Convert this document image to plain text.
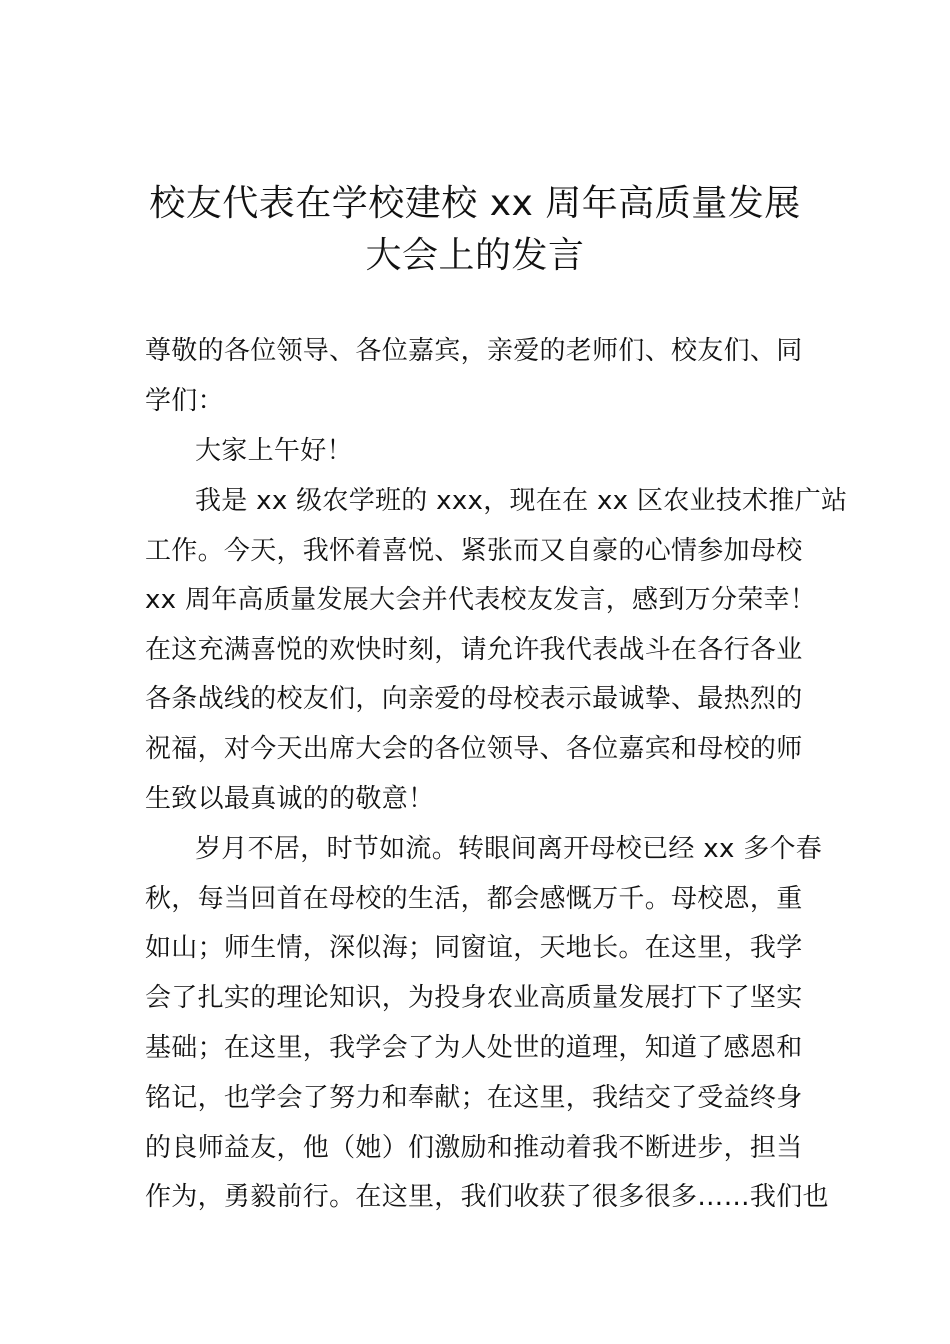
校友代表在学校建校 xx 周年高质量发展大会上的发言
尊敬的各位领导、各位嘉宾，亲爱的老师们、校友们、同
学们：
大家上午好！
我是 xx 级农学班的 xxx，现在在 xx 区农业技术推广站
工作。今天，我怀着喜悦、紧张而又自豪的心情参加母校
xx 周年高质量发展大会并代表校友发言，感到万分荣幸！
在这充满喜悦的欢快时刻，请允许我代表战斗在各行各业
各条战线的校友们，向亲爱的母校表示最诚挚、最热烈的
祝福，对今天出席大会的各位领导、各位嘉宾和母校的师
生致以最真诚的的敬意！
岁月不居，时节如流。转眼间离开母校已经 xx 多个春
秋，每当回首在母校的生活，都会感慨万千。母校恩，重
如山；师生情，深似海；同窗谊，天地长。在这里，我学
会了扎实的理论知识，为投身农业高质量发展打下了坚实
基础；在这里，我学会了为人处世的道理，知道了感恩和
铭记，也学会了努力和奉献；在这里，我结交了受益终身
的良师益友，他（她）们激励和推动着我不断进步，担当
作为，勇毅前行。在这里，我们收获了很多很多……我们也
